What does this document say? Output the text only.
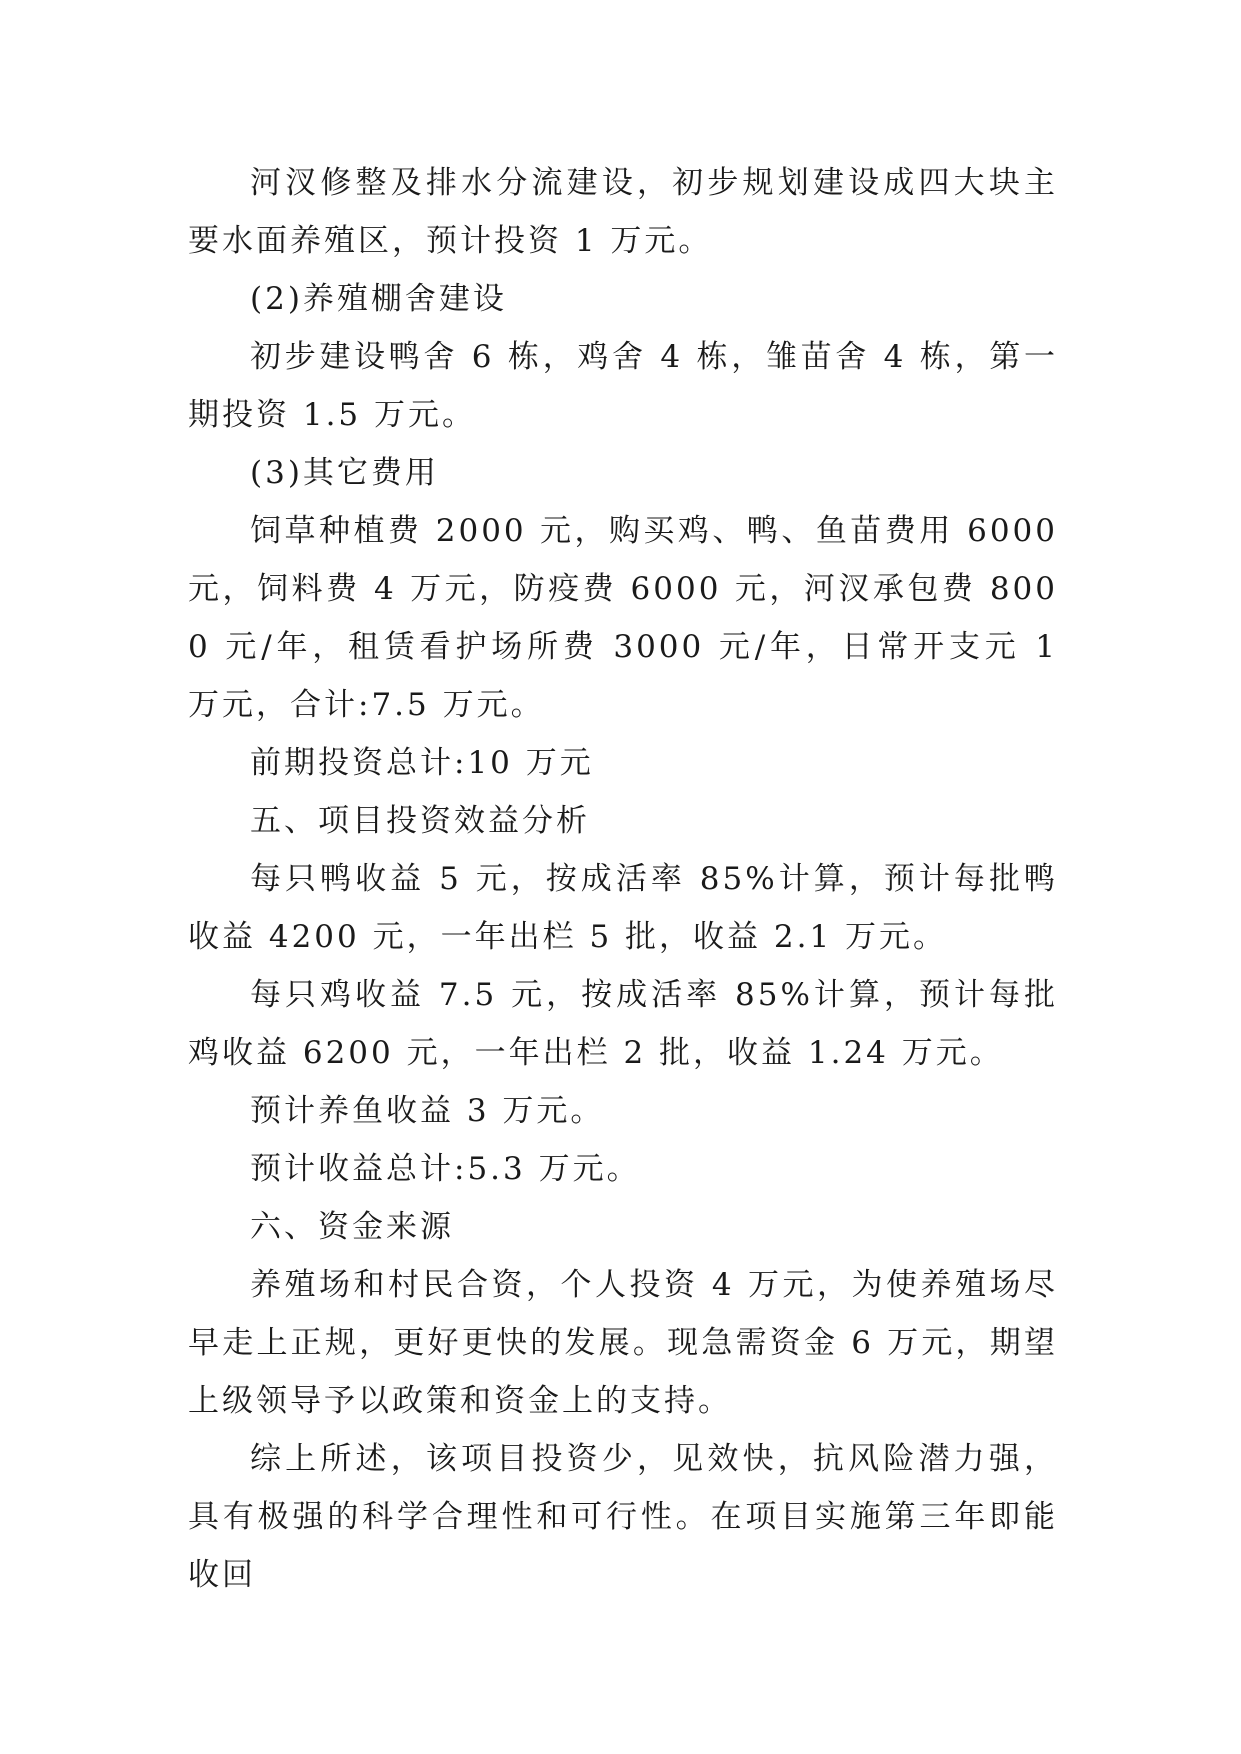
河汊修整及排水分流建设，初步规划建设成四大块主要水面养殖区，预计投资 1 万元。

(2)养殖棚舍建设

初步建设鸭舍 6 栋，鸡舍 4 栋，雏苗舍 4 栋，第一期投资 1.5 万元。

(3)其它费用

饲草种植费 2000 元，购买鸡、鸭、鱼苗费用 6000 元，饲料费 4 万元，防疫费 6000 元，河汊承包费 8000 元/年，租赁看护场所费 3000 元/年，日常开支元 1 万元，合计:7.5 万元。

前期投资总计:10 万元

五、项目投资效益分析

每只鸭收益 5 元，按成活率 85%计算，预计每批鸭收益 4200 元，一年出栏 5 批，收益 2.1 万元。

每只鸡收益 7.5 元，按成活率 85%计算，预计每批鸡收益 6200 元，一年出栏 2 批，收益 1.24 万元。

预计养鱼收益 3 万元。

预计收益总计:5.3 万元。

六、资金来源

养殖场和村民合资，个人投资 4 万元，为使养殖场尽早走上正规，更好更快的发展。现急需资金 6 万元，期望上级领导予以政策和资金上的支持。

综上所述，该项目投资少，见效快，抗风险潜力强，具有极强的科学合理性和可行性。在项目实施第三年即能收回
